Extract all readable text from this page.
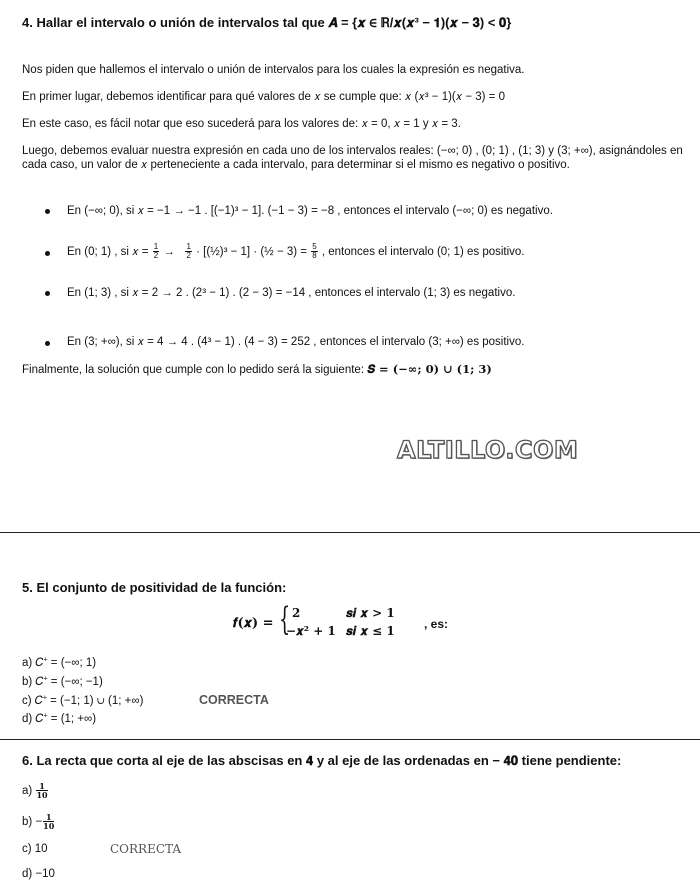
4. Hallar el intervalo o unión de intervalos tal que 𝑨 = {𝒙 ∈ ℝ/𝒙(𝒙³ − 𝟏)(𝒙 − 𝟑) < 𝟎}
Nos piden que hallemos el intervalo o unión de intervalos para los cuales la expresión es negativa.
En primer lugar, debemos identificar para qué valores de 𝑥 se cumple que: 𝑥 (𝑥³ − 1)(𝑥 − 3) = 0
En este caso, es fácil notar que eso sucederá para los valores de: 𝑥 = 0, 𝑥 = 1 y 𝑥 = 3.
Luego, debemos evaluar nuestra expresión en cada uno de los intervalos reales: (−∞; 0) , (0; 1) , (1; 3) y (3; +∞), asignándoles en cada caso, un valor de 𝑥 perteneciente a cada intervalo, para determinar si el mismo es negativo o positivo.
En (−∞; 0), si 𝑥 = −1 → −1 . [(−1)³ − 1]. (−1 − 3) = −8 , entonces el intervalo (−∞; 0) es negativo.
En (0; 1) , si 𝑥 = $\frac{1}{2} \to \frac{1}{2}$ · [(½)³ − 1] · (½ − $3) = \frac{5}{8}$ , entonces el intervalo (0; 1) es positivo.
En (1; 3) , si 𝑥 = 2 → 2 . (2³ − 1) . (2 − 3) = −14 , entonces el intervalo (1; 3) es negativo.
En (3; +∞), si 𝑥 = 4 → 4 . (4³ − 1) . (4 − 3) = 252 , entonces el intervalo (3; +∞) es positivo.
Finalmente, la solución que cumple con lo pedido será la siguiente: 𝑺 = (−∞; 𝟎) ∪ (𝟏; 𝟑)
ALTILLO.COM
5. El conjunto de positividad de la función:
𝒇(𝒙) = { 𝟐	𝒔𝒊 𝒙 > 𝟏
−𝒙² + 𝟏 𝒔𝒊 𝒙 ≤ 𝟏 , es:
a) 𝐶⁺ = (−∞; 1)
b) 𝐶⁺ = (−∞; −1)
c) 𝐶⁺ = (−1; 1) ∪ (1; +∞)	CORRECTA
d) 𝐶⁺ = (1; +∞)
6. La recta que corta al eje de las abscisas en 𝟒 y al eje de las ordenadas en − 𝟒𝟎 tiene pendiente:
$a) \frac{1}{10}$
$b) - \frac{1}{10}$
c) 10	CORRECTA
d) −10
